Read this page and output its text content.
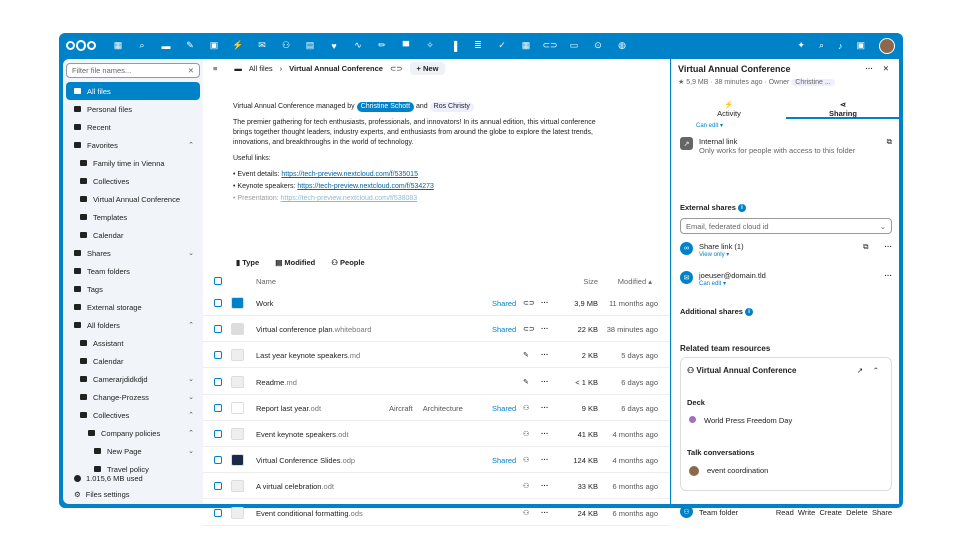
▦	⌕	▬	✎	▣	⚡	✉	⚇	▤	♥	∿	✏	▀	✧	▐	≣	✓	▦	⊂⊃	▭	⊙	◍	✦ ⌕ ♪ ▣
Filter file names...	✕
All files
Personal files
Recent
Favorites	⌃
Family time in Vienna
Collectives
Virtual Annual Conference
Templates
Calendar
Shares	⌄
Team folders
Tags
External storage
All folders	⌃
Assistant
Calendar
Camerarjdidkdjd	⌄
Change-Prozess	⌄
Collectives	⌃
Company policies	⌃
New Page	⌄
Travel policy
1.015,6 MB used
⚙ Files settings
≡ ▬ All files › Virtual Annual Conference ⊂⊃	+ New
Virtual Annual Conference managed by Christine Schott and Ros Christy

The premier gathering for tech enthusiasts, professionals, and innovators! In its annual edition, this virtual conference brings together thought leaders, industry experts, and enthusiasts from around the globe to explore the latest trends, innovations, and breakthroughs in the world of technology.

Useful links:

• Event details: https://tech-preview.nextcloud.com/f/535015
• Keynote speakers: https://tech-preview.nextcloud.com/f/534273
• Presentation: https://tech-preview.nextcloud.com/f/538083
▮ Type ▤ Modified ⚇ People
Name	Size	Modified ▴
Work	Shared ⊂⊃ ···	3,9 MB	11 months ago
Virtual conference plan.whiteboard	Shared ⊂⊃ ···	22 KB	38 minutes ago
Last year keynote speakers.md	✎ ···	2 KB	5 days ago
Readme.md	✎ ···	< 1 KB	6 days ago
Report last year.odt	Aircraft Architecture	Shared ⚇ ···	9 KB	6 days ago
Event keynote speakers.odt	⚇ ···	41 KB	4 months ago
Virtual Conference Slides.odp	Shared ⚇ ···	124 KB	4 months ago
A virtual celebration.odt	⚇ ···	33 KB	6 months ago
Event conditional formatting.ods	⚇ ···	24 KB	6 months ago
Virtual Annual Conference	··· ✕
★ 5,9 MB · 38 minutes ago · Owner Christine ...
⚡
Activity
⋖
Sharing
Can edit ▾
↗	Internal link
Only works for people with access to this folder
⧉
External shares i
Email, federated cloud id	⌄
∞	Share link (1)
View only ▾
⧉ ···
✉	joeuser@domain.tld
Can edit ▾
···
Additional shares i
Related team resources
⚇ Virtual Annual Conference	↗ ⌃
Deck
World Press Freedom Day
Talk conversations
event coordination
⚇	Team folder	Read  Write  Create  Delete  Share
